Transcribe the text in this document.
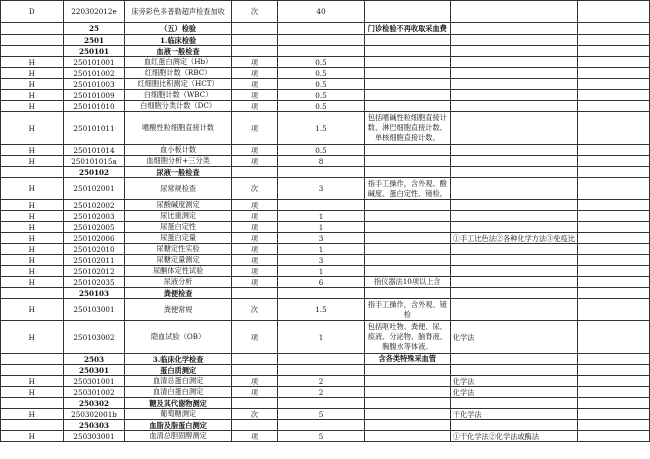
D	220302012e	床旁彩色多普勒超声检查加收	次	40			
	25	（五）检验			门诊检验不再收取采血费		
	2501	1.临床检验					
	250101	血液一般检查					
H	250101001	血红蛋白测定（Hb）	项	0.5			
H	250101002	红细胞计数（RBC）	项	0.5			
H	250101003	红细胞比积测定（HCT）	项	0.5			
H	250101009	白细胞计数（WBC）	项	0.5			
H	250101010	白细胞分类计数（DC）	项	0.5			
H	250101011	嗜酸性粒细胞直接计数	项	1.5	包括嗜碱性粒细胞直接计数、淋巴细胞直接计数、单核细胞直接计数。		
H	250101014	血小板计数	项	0.5			
H	250101015a	血细胞分析+三分类	项	8			
	250102	尿液一般检查					
H	250102001	尿常规检查	次	3	指手工操作，含外观、酸碱度、蛋白定性、镜检。		
H	250102002	尿酸碱度测定	项				
H	250102003	尿比重测定	项	1			
H	250102005	尿蛋白定性	项	1			
H	250102006	尿蛋白定量	项	3		①手工比色法②各种化学方法③免疫比	
H	250102010	尿糖定性实验	项	1			
H	250102011	尿糖定量测定	项	3			
H	250102012	尿酮体定性试验	项	1			
H	250102035	尿液分析	项	6	指仪器法10项以上含		
	250103	粪便检查					
H	250103001	粪便常规	次	1.5	指手工操作，含外观、镜检		
H	250103002	隐血试验（OB）	项	1	包括呕吐物、粪便、尿、痰液、分泌物、脑脊液、胸腹水等体液。	化学法	
	2503	3.临床化学检查			含各类特殊采血管		
	250301	蛋白质测定					
H	250301001	血清总蛋白测定	项	2		化学法	
H	250301002	血清白蛋白测定	项	2		化学法	
	250302	糖及其代谢物测定					
H	250302001b	葡萄糖测定	次	5		干化学法	
	250303	血脂及脂蛋白测定					
H	250303001	血清总胆固醇测定	项	5		①干化学法②化学法或酶法	
